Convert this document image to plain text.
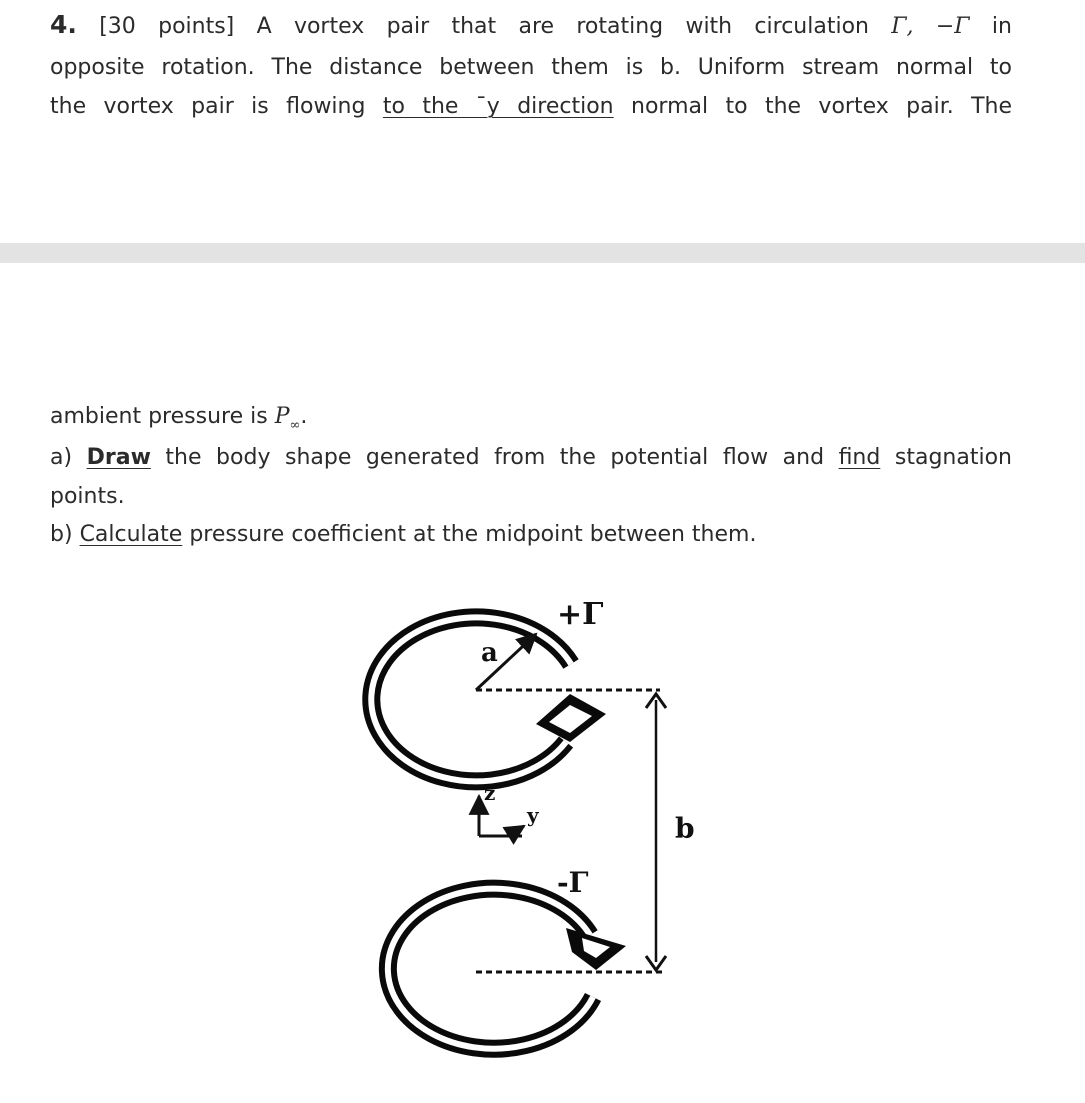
4. [30 points] A vortex pair that are rotating with circulation Γ, −Γ in
opposite rotation. The distance between them is b. Uniform stream normal to
the vortex pair is flowing to the ¯y direction normal to the vortex pair. The
ambient pressure is $P_\infty$.
a) Draw the body shape generated from the potential flow and find stagnation
points.
b) Calculate pressure coefficient at the midpoint between them.
+Γ
-Γ
a
b
z
y
